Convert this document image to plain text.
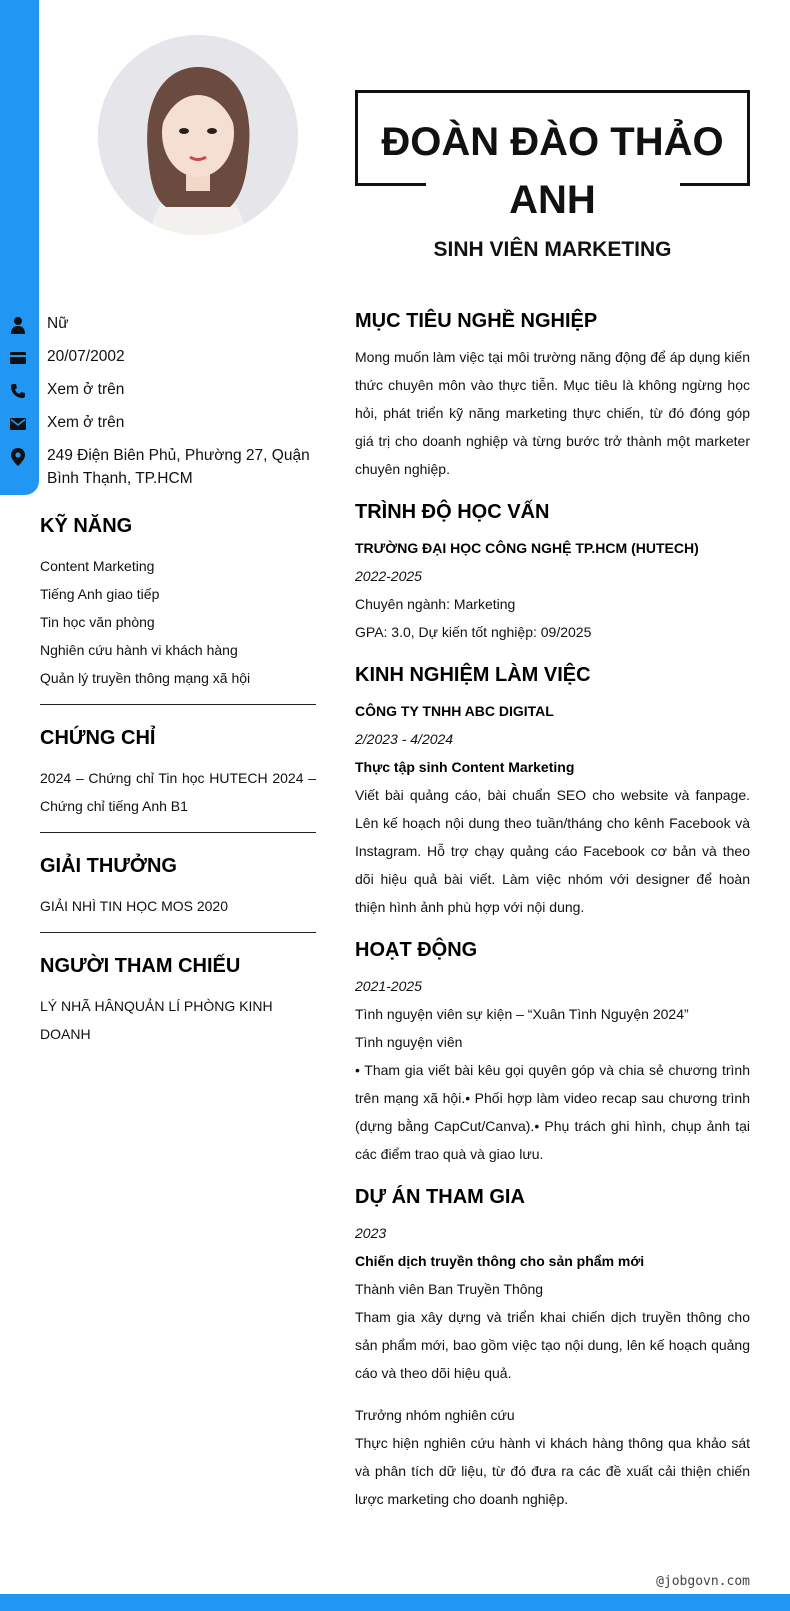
ĐOÀN ĐÀO THẢO ANH
SINH VIÊN MARKETING
Nữ
20/07/2002
Xem ở trên
Xem ở trên
249 Điện Biên Phủ, Phường 27, Quận Bình Thạnh, TP.HCM
KỸ NĂNG
Content Marketing
Tiếng Anh giao tiếp
Tin học văn phòng
Nghiên cứu hành vi khách hàng
Quản lý truyền thông mạng xã hội
CHỨNG CHỈ
2024 – Chứng chỉ Tin học HUTECH 2024 – Chứng chỉ tiếng Anh B1
GIẢI THƯỞNG
GIẢI NHÌ TIN HỌC MOS 2020
NGƯỜI THAM CHIẾU
LÝ NHÃ HÂNQUẢN LÍ PHÒNG KINH DOANH
MỤC TIÊU NGHỀ NGHIỆP
Mong muốn làm việc tại môi trường năng động để áp dụng kiến thức chuyên môn vào thực tiễn. Mục tiêu là không ngừng học hỏi, phát triển kỹ năng marketing thực chiến, từ đó đóng góp giá trị cho doanh nghiệp và từng bước trở thành một marketer chuyên nghiệp.
TRÌNH ĐỘ HỌC VẤN
TRƯỜNG ĐẠI HỌC CÔNG NGHỆ TP.HCM (HUTECH)
2022-2025
Chuyên ngành: Marketing
GPA: 3.0, Dự kiến tốt nghiệp: 09/2025
KINH NGHIỆM LÀM VIỆC
CÔNG TY TNHH ABC DIGITAL
2/2023 - 4/2024
Thực tập sinh Content Marketing
Viết bài quảng cáo, bài chuẩn SEO cho website và fanpage. Lên kế hoạch nội dung theo tuần/tháng cho kênh Facebook và Instagram. Hỗ trợ chạy quảng cáo Facebook cơ bản và theo dõi hiệu quả bài viết. Làm việc nhóm với designer để hoàn thiện hình ảnh phù hợp với nội dung.
HOẠT ĐỘNG
2021-2025
Tình nguyện viên sự kiện – “Xuân Tình Nguyện 2024”
Tình nguyện viên
• Tham gia viết bài kêu gọi quyên góp và chia sẻ chương trình trên mạng xã hội.• Phối hợp làm video recap sau chương trình (dựng bằng CapCut/Canva).• Phụ trách ghi hình, chụp ảnh tại các điểm trao quà và giao lưu.
DỰ ÁN THAM GIA
2023
Chiến dịch truyền thông cho sản phẩm mới
Thành viên Ban Truyền Thông
Tham gia xây dựng và triển khai chiến dịch truyền thông cho sản phẩm mới, bao gồm việc tạo nội dung, lên kế hoạch quảng cáo và theo dõi hiệu quả.
Trưởng nhóm nghiên cứu
Thực hiện nghiên cứu hành vi khách hàng thông qua khảo sát và phân tích dữ liệu, từ đó đưa ra các đề xuất cải thiện chiến lược marketing cho doanh nghiệp.
@jobgovn.com
